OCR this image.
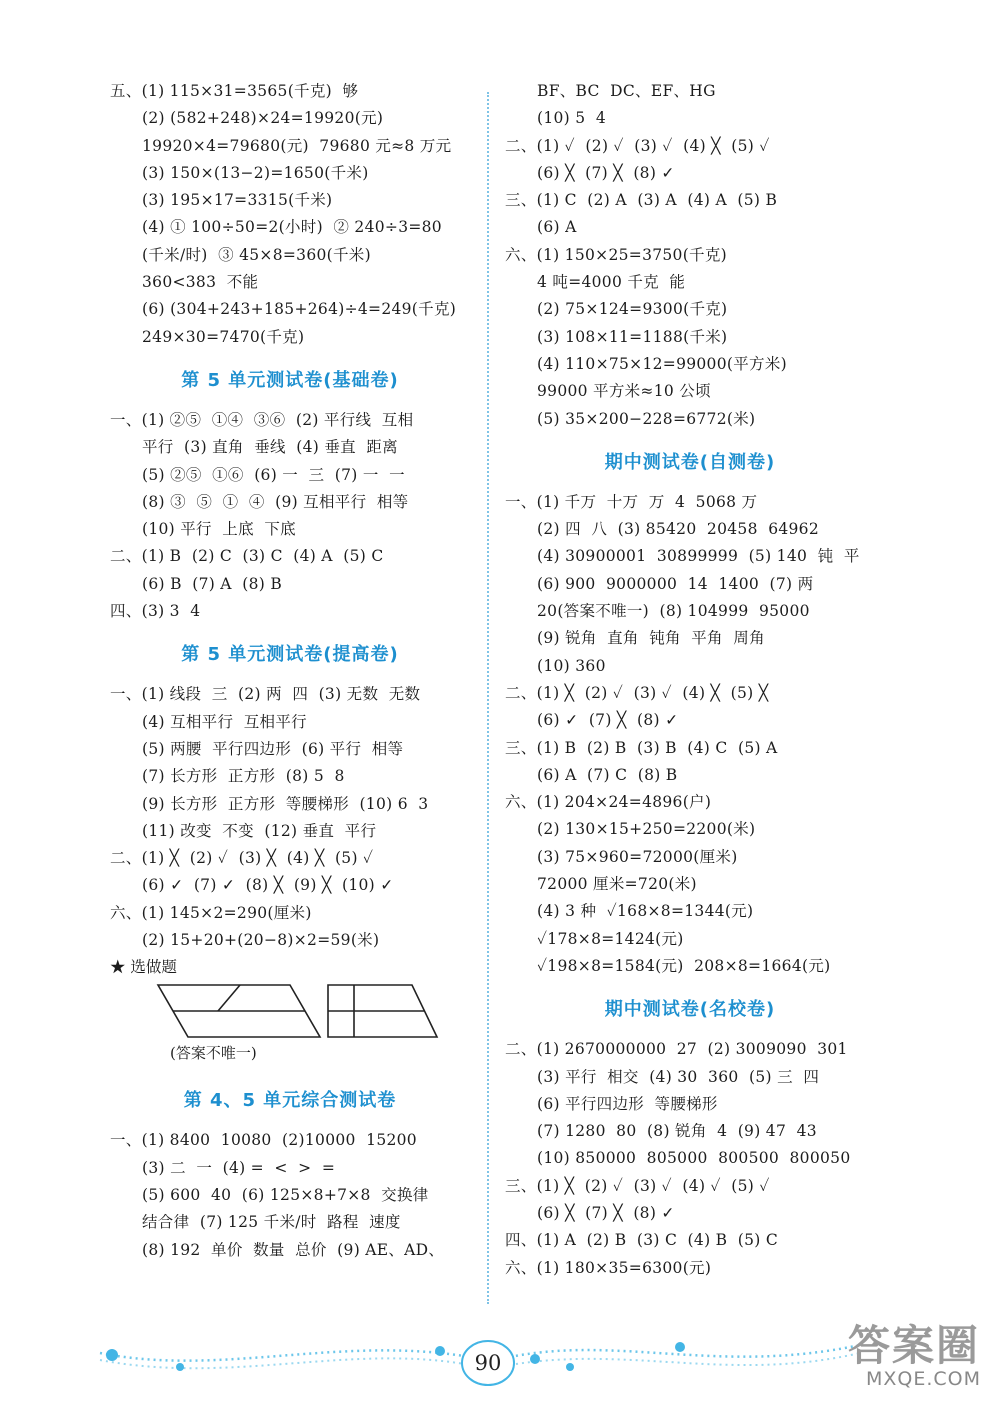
五、(1) 115×31=3565(千克)  够
(2) (582+248)×24=19920(元)
19920×4=79680(元)  79680 元≈8 万元
(3) 150×(13−2)=1650(千米)
(3) 195×17=3315(千米)
(4) ① 100÷50=2(小时)  ② 240÷3=80
(千米/时)  ③ 45×8=360(千米)
360<383  不能
(6) (304+243+185+264)÷4=249(千克)
249×30=7470(千克)
第 5 单元测试卷(基础卷)
一、(1) ②⑤  ①④  ③⑥  (2) 平行线  互相
平行  (3) 直角  垂线  (4) 垂直  距离
(5) ②⑤  ①⑥  (6) 一  三  (7) 一  一
(8) ③  ⑤  ①  ④  (9) 互相平行  相等
(10) 平行  上底  下底
二、(1) B  (2) C  (3) C  (4) A  (5) C
(6) B  (7) A  (8) B
四、(3) 3  4
第 5 单元测试卷(提高卷)
一、(1) 线段  三  (2) 两  四  (3) 无数  无数
(4) 互相平行  互相平行
(5) 两腰  平行四边形  (6) 平行  相等
(7) 长方形  正方形  (8) 5  8
(9) 长方形  正方形  等腰梯形  (10) 6  3
(11) 改变  不变  (12) 垂直  平行
二、(1) ╳  (2) ✓  (3) ╳  (4) ╳  (5) ✓
(6) ✓  (7) ✓  (8) ╳  (9) ╳  (10) ✓
六、(1) 145×2=290(厘米)
(2) 15+20+(20−8)×2=59(米)
★ 选做题
(答案不唯一)
第 4、5 单元综合测试卷
一、(1) 8400  10080  (2)10000  15200
(3) 二  一  (4) =  <  >  =
(5) 600  40  (6) 125×8+7×8  交换律
结合律  (7) 125 千米/时  路程  速度
(8) 192  单价  数量  总价  (9) AE、AD、
BF、BC  DC、EF、HG
(10) 5  4
二、(1) ✓  (2) ✓  (3) ✓  (4) ╳  (5) ✓
(6) ╳  (7) ╳  (8) ✓
三、(1) C  (2) A  (3) A  (4) A  (5) B
(6) A
六、(1) 150×25=3750(千克)
4 吨=4000 千克  能
(2) 75×124=9300(千克)
(3) 108×11=1188(千米)
(4) 110×75×12=99000(平方米)
99000 平方米≈10 公顷
(5) 35×200−228=6772(米)
期中测试卷(自测卷)
一、(1) 千万  十万  万  4  5068 万
(2) 四  八  (3) 85420  20458  64962
(4) 30900001  30899999  (5) 140  钝  平
(6) 900  9000000  14  1400  (7) 两
20(答案不唯一)  (8) 104999  95000
(9) 锐角  直角  钝角  平角  周角
(10) 360
二、(1) ╳  (2) ✓  (3) ✓  (4) ╳  (5) ╳
(6) ✓  (7) ╳  (8) ✓
三、(1) B  (2) B  (3) B  (4) C  (5) A
(6) A  (7) C  (8) B
六、(1) 204×24=4896(户)
(2) 130×15+250=2200(米)
(3) 75×960=72000(厘米)
72000 厘米=720(米)
(4) 3 种  ✓168×8=1344(元)
✓178×8=1424(元)
✓198×8=1584(元)  208×8=1664(元)
期中测试卷(名校卷)
二、(1) 2670000000  27  (2) 3009090  301
(3) 平行  相交  (4) 30  360  (5) 三  四
(6) 平行四边形  等腰梯形
(7) 1280  80  (8) 锐角  4  (9) 47  43
(10) 850000  805000  800500  800050
三、(1) ╳  (2) ✓  (3) ✓  (4) ✓  (5) ✓
(6) ╳  (7) ╳  (8) ✓
四、(1) A  (2) B  (3) C  (4) B  (5) C
六、(1) 180×35=6300(元)
90	答案圈
MXQE.COM
